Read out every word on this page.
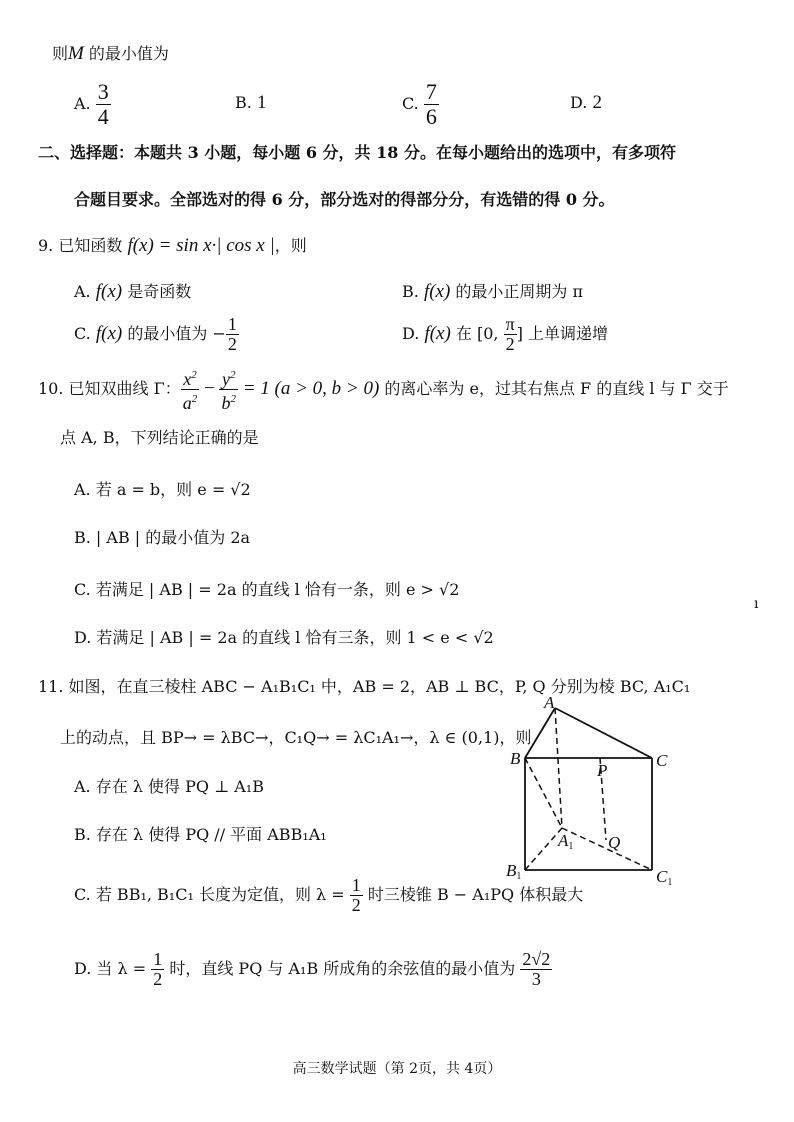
则M 的最小值为
A. $\frac{3}{4}$	B. 1	C. $\frac{7}{6}$	D. 2
二、选择题：本题共 3 小题，每小题 6 分，共 18 分。在每小题给出的选项中，有多项符
合题目要求。全部选对的得 6 分，部分选对的得部分分，有选错的得 0 分。
9. 已知函数 f(x) = sin x·| cos x |，则
A. f(x) 是奇函数	B. f(x) 的最小正周期为 π
C. f(x) 的最小值为 − $\frac{1}{2}$	D. f(x) 在 [0, $\frac{\pi}{2}$ ] 上单调递增
10. 已知双曲线 Γ： $\frac{x^2}{a^2} - \frac{y^2}{b^2} = 1$ (a > 0, b > 0) 的离心率为 e，过其右焦点 F 的直线 l 与 Γ 交于
点 A, B，下列结论正确的是
A. 若 a = b，则 e = √2
B. | AB | 的最小值为 2a
C. 若满足 | AB | = 2a 的直线 l 恰有一条，则 e > √2
D. 若满足 | AB | = 2a 的直线 l 恰有三条，则 1 < e < √2
ı
11. 如图，在直三棱柱 ABC − A₁B₁C₁ 中，AB = 2，AB ⊥ BC，P, Q 分别为棱 BC, A₁C₁
上的动点，且 BP→ = λBC→，C₁Q→ = λC₁A₁→，λ ∈ (0,1)，则
A. 存在 λ 使得 PQ ⊥ A₁B
B. 存在 λ 使得 PQ // 平面 ABB₁A₁
C. 若 BB₁, B₁C₁ 长度为定值，则 $\lambda = \frac{1}{2}$ 时三棱锥 B − A₁PQ 体积最大
D. 当 $\lambda = \frac{1}{2}$ 时，直线 PQ 与 A₁B 所成角的余弦值的最小值为 $\frac{2√2}{3}$
A
B	C
P
A1 Q
B1	C1
高三数学试题（第 2页，共 4页）
